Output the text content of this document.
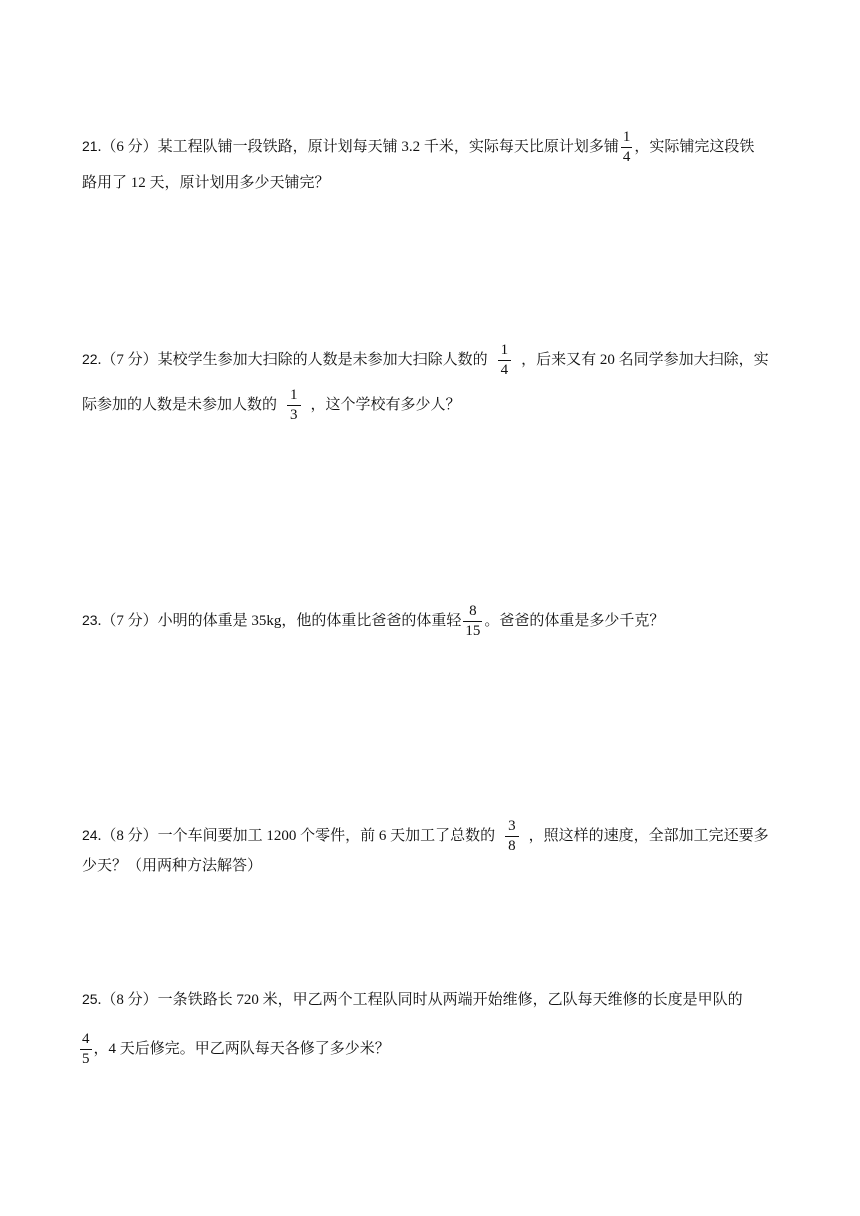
21.（6 分）某工程队铺一段铁路，原计划每天铺 3.2 千米，实际每天比原计划多铺 $\frac{1}{4}$ ，实际铺完这段铁
路用了 12 天，原计划用多少天铺完？
22.（7 分）某校学生参加大扫除的人数是未参加大扫除人数的 $\frac{1}{4}$ ，后来又有 20 名同学参加大扫除，实
际参加的人数是未参加人数的 $\frac{1}{3}$ ，这个学校有多少人？
23.（7 分）小明的体重是 35kg，他的体重比爸爸的体重轻 $\frac{8}{15}$ 。爸爸的体重是多少千克？
24.（8 分）一个车间要加工 1200 个零件，前 6 天加工了总数的 $\frac{3}{8}$ ，照这样的速度，全部加工完还要多
少天？（用两种方法解答）
25.（8 分）一条铁路长 720 米，甲乙两个工程队同时从两端开始维修，乙队每天维修的长度是甲队的
$\frac{4}{5}$ ，4 天后修完。甲乙两队每天各修了多少米？
